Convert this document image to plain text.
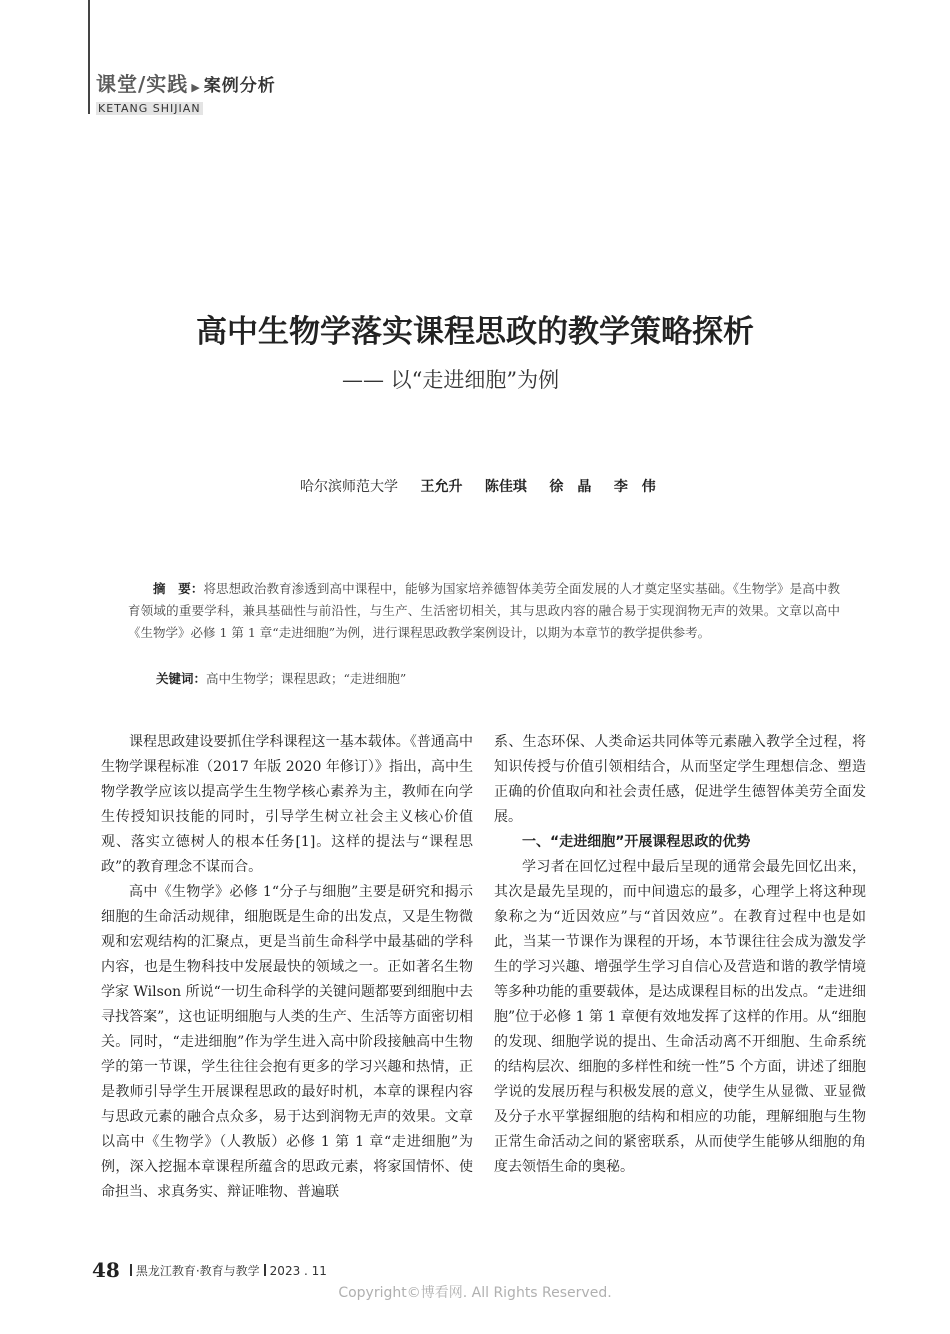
课堂/实践 ▶ 案例分析
KETANG SHIJIAN
高中生物学落实课程思政的教学策略探析
—— 以“走进细胞”为例
哈尔滨师范大学 王允升 陈佳琪 徐　晶 李　伟
摘　要：将思想政治教育渗透到高中课程中，能够为国家培养德智体美劳全面发展的人才奠定坚实基础。《生物学》是高中教育领域的重要学科，兼具基础性与前沿性，与生产、生活密切相关，其与思政内容的融合易于实现润物无声的效果。文章以高中《生物学》必修 1 第 1 章“走进细胞”为例，进行课程思政教学案例设计，以期为本章节的教学提供参考。
关键词：高中生物学；课程思政；“走进细胞”

课程思政建设要抓住学科课程这一基本载体。《普通高中生物学课程标准（2017 年版 2020 年修订）》指出，高中生物学教学应该以提高学生生物学核心素养为主，教师在向学生传授知识技能的同时，引导学生树立社会主义核心价值观、落实立德树人的根本任务[1]。这样的提法与“课程思政”的教育理念不谋而合。

高中《生物学》必修 1“分子与细胞”主要是研究和揭示细胞的生命活动规律，细胞既是生命的出发点，又是生物微观和宏观结构的汇聚点，更是当前生命科学中最基础的学科内容，也是生物科技中发展最快的领域之一。正如著名生物学家 Wilson 所说“一切生命科学的关键问题都要到细胞中去寻找答案”，这也证明细胞与人类的生产、生活等方面密切相关。同时，“走进细胞”作为学生进入高中阶段接触高中生物学的第一节课，学生往往会抱有更多的学习兴趣和热情，正是教师引导学生开展课程思政的最好时机，本章的课程内容与思政元素的融合点众多，易于达到润物无声的效果。文章以高中《生物学》（人教版）必修 1 第 1 章“走进细胞”为例，深入挖掘本章课程所蕴含的思政元素，将家国情怀、使命担当、求真务实、辩证唯物、普遍联

系、生态环保、人类命运共同体等元素融入教学全过程，将知识传授与价值引领相结合，从而坚定学生理想信念、塑造正确的价值取向和社会责任感，促进学生德智体美劳全面发展。

一、“走进细胞”开展课程思政的优势

学习者在回忆过程中最后呈现的通常会最先回忆出来，其次是最先呈现的，而中间遗忘的最多，心理学上将这种现象称之为“近因效应”与“首因效应”。在教育过程中也是如此，当某一节课作为课程的开场，本节课往往会成为激发学生的学习兴趣、增强学生学习自信心及营造和谐的教学情境等多种功能的重要载体，是达成课程目标的出发点。“走进细胞”位于必修 1 第 1 章便有效地发挥了这样的作用。从“细胞的发现、细胞学说的提出、生命活动离不开细胞、生命系统的结构层次、细胞的多样性和统一性”5 个方面，讲述了细胞学说的发展历程与积极发展的意义，使学生从显微、亚显微及分子水平掌握细胞的结构和相应的功能，理解细胞与生物正常生命活动之间的紧密联系，从而使学生能够从细胞的角度去领悟生命的奥秘。

48 黑龙江教育·教育与教学 2023 . 11
Copyright©博看网. All Rights Reserved.
